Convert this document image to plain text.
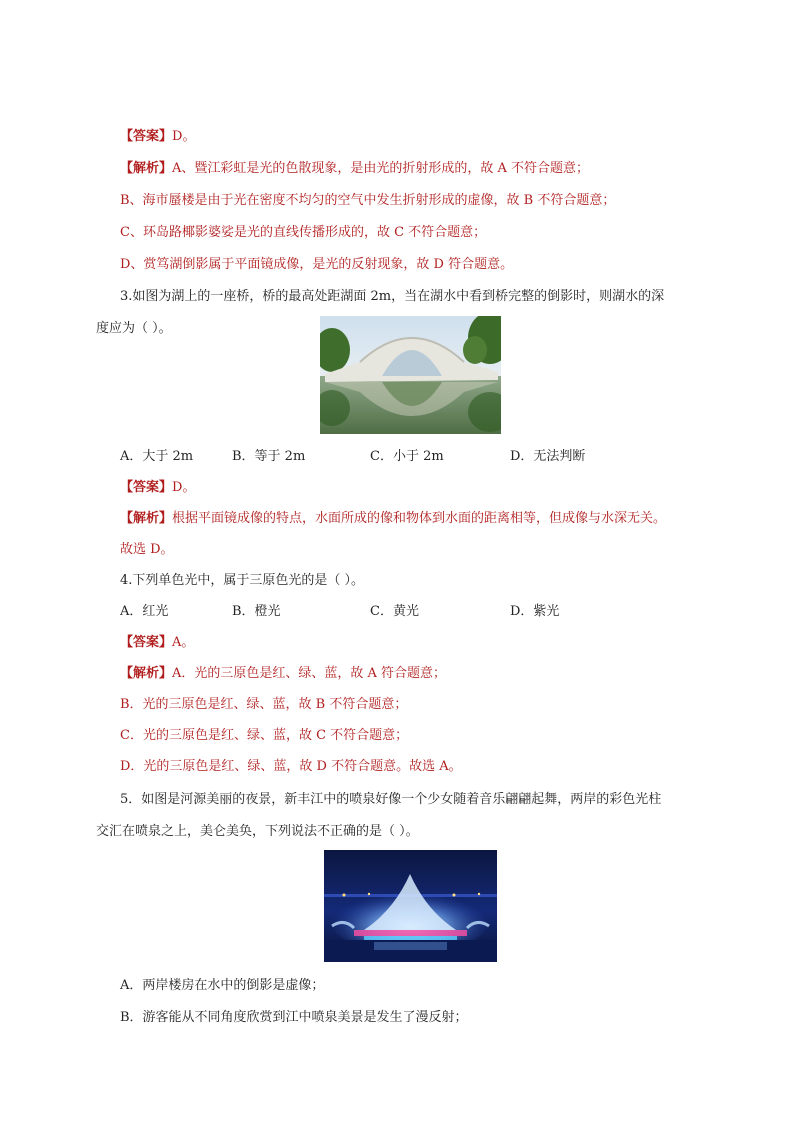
【答案】D。
【解析】A、暨江彩虹是光的色散现象，是由光的折射形成的，故 A 不符合题意；
B、海市蜃楼是由于光在密度不均匀的空气中发生折射形成的虚像，故 B 不符合题意；
C、环岛路椰影婆娑是光的直线传播形成的，故 C 不符合题意；
D、赏笃湖倒影属于平面镜成像，是光的反射现象，故 D 符合题意。
3.如图为湖上的一座桥，桥的最高处距湖面 2m，当在湖水中看到桥完整的倒影时，则湖水的深
度应为（ ）。
A．大于 2m	B．等于 2m	C．小于 2m	D．无法判断
【答案】D。
【解析】根据平面镜成像的特点，水面所成的像和物体到水面的距离相等，但成像与水深无关。
故选 D。
4.下列单色光中，属于三原色光的是（ ）。
A．红光	B．橙光	C．黄光	D．紫光
【答案】A。
【解析】A．光的三原色是红、绿、蓝，故 A 符合题意；
B．光的三原色是红、绿、蓝，故 B 不符合题意；
C．光的三原色是红、绿、蓝，故 C 不符合题意；
D．光的三原色是红、绿、蓝，故 D 不符合题意。故选 A。
5．如图是河源美丽的夜景，新丰江中的喷泉好像一个少女随着音乐翩翩起舞，两岸的彩色光柱
交汇在喷泉之上，美仑美奂，下列说法不正确的是（ ）。
A．两岸楼房在水中的倒影是虚像；
B．游客能从不同角度欣赏到江中喷泉美景是发生了漫反射；
